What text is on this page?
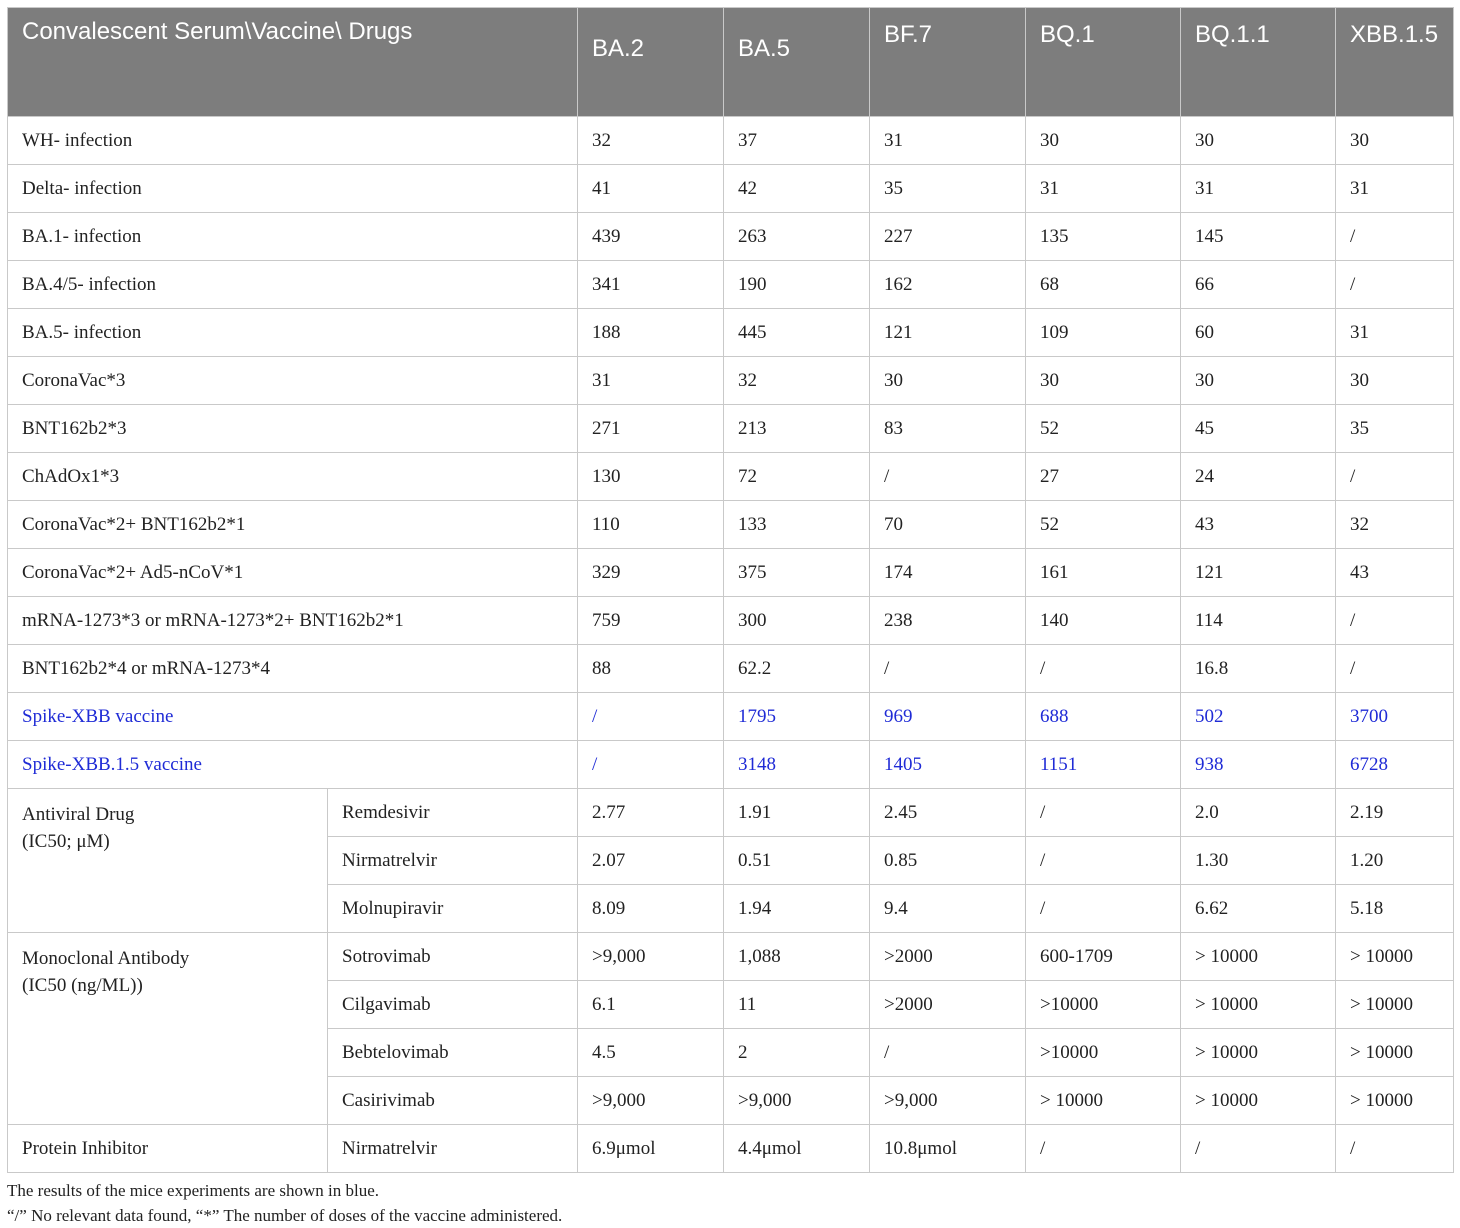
Convalescent Serum\Vaccine\ Drugs		BA.2	BA.5	BF.7	BQ.1	BQ.1.1	XBB.1.5
WH- infection		32	37	31	30	30	30
Delta- infection		41	42	35	31	31	31
BA.1- infection		439	263	227	135	145	/
BA.4/5- infection		341	190	162	68	66	/
BA.5- infection		188	445	121	109	60	31
CoronaVac*3		31	32	30	30	30	30
BNT162b2*3		271	213	83	52	45	35
ChAdOx1*3		130	72	/	27	24	/
CoronaVac*2+ BNT162b2*1		110	133	70	52	43	32
CoronaVac*2+ Ad5-nCoV*1		329	375	174	161	121	43
mRNA-1273*3 or mRNA-1273*2+ BNT162b2*1		759	300	238	140	114	/
BNT162b2*4 or mRNA-1273*4		88	62.2	/	/	16.8	/
Spike-XBB vaccine		/	1795	969	688	502	3700
Spike-XBB.1.5 vaccine		/	3148	1405	1151	938	6728

Antiviral Drug
(IC50; μM)	Remdesivir	2.77	1.91	2.45	/	2.0	2.19
	Nirmatrelvir	2.07	0.51	0.85	/	1.30	1.20
	Molnupiravir	8.09	1.94	9.4	/	6.62	5.18

Monoclonal Antibody
(IC50 (ng/ML))	Sotrovimab	>9,000	1,088	>2000	600-1709	> 10000	> 10000
	Cilgavimab	6.1	11	>2000	>10000	> 10000	> 10000
	Bebtelovimab	4.5	2	/	>10000	> 10000	> 10000
	Casirivimab	>9,000	>9,000	>9,000	> 10000	> 10000	> 10000
Protein Inhibitor	Nirmatrelvir	6.9μmol	4.4μmol	10.8μmol	/	/	/
The results of the mice experiments are shown in blue.
“/” No relevant data found, “*” The number of doses of the vaccine administered.
